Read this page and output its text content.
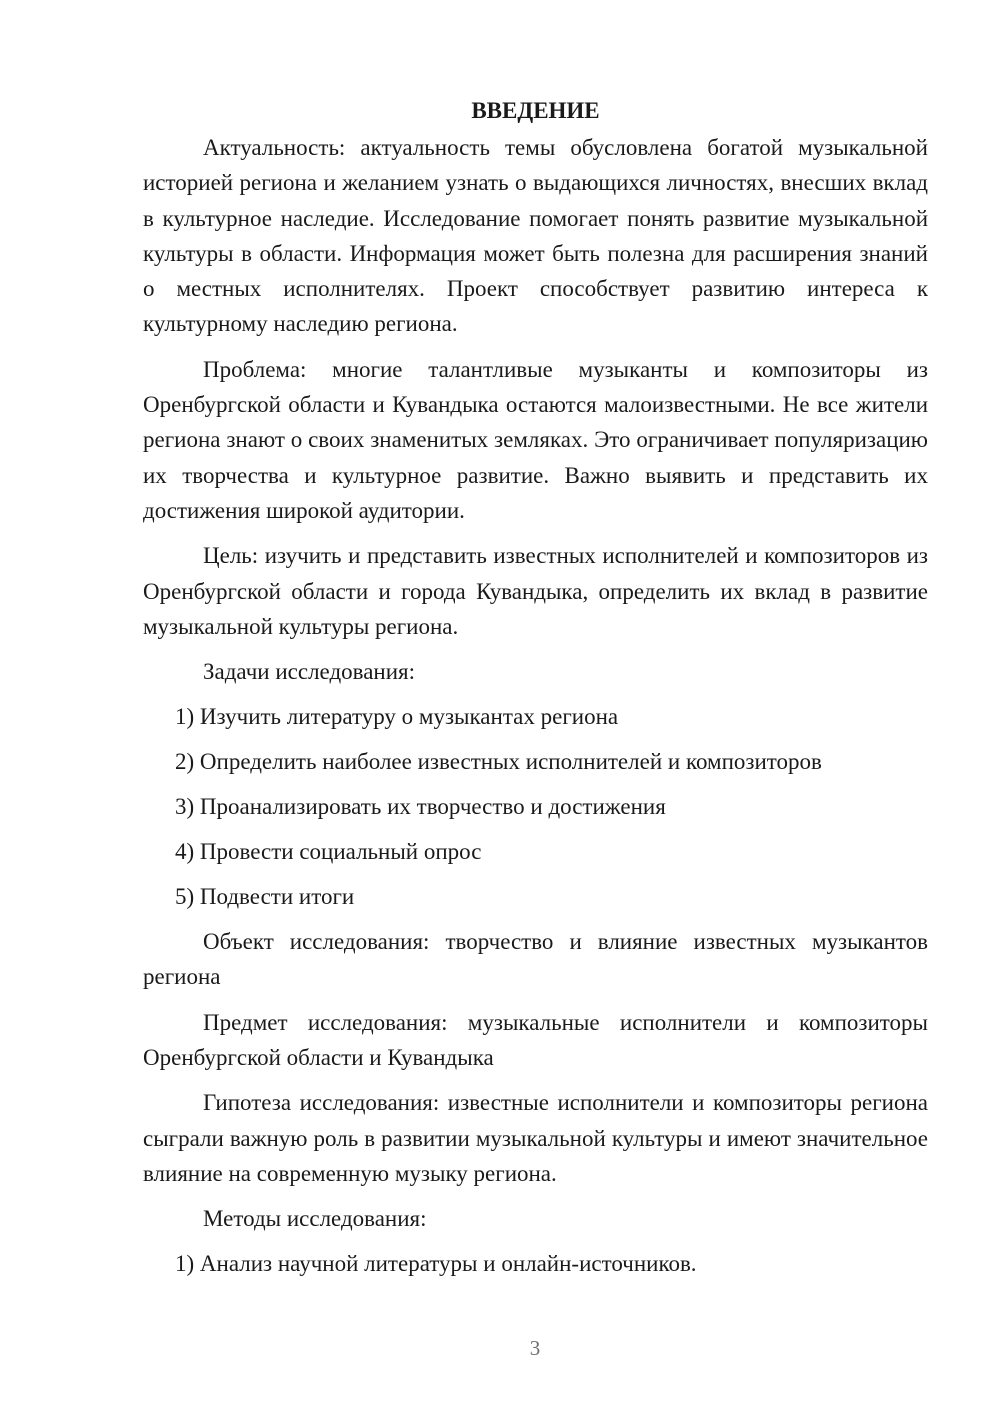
ВВЕДЕНИЕ

Актуальность: актуальность темы обусловлена богатой музыкальной историей региона и желанием узнать о выдающихся личностях, внесших вклад в культурное наследие. Исследование помогает понять развитие музыкальной культуры в области. Информация может быть полезна для расширения знаний о местных исполнителях. Проект способствует развитию интереса к культурному наследию региона.

Проблема: многие талантливые музыканты и композиторы из Оренбургской области и Кувандыка остаются малоизвестными. Не все жители региона знают о своих знаменитых земляках. Это ограничивает популяризацию их творчества и культурное развитие. Важно выявить и представить их достижения широкой аудитории.

Цель: изучить и представить известных исполнителей и композиторов из Оренбургской области и города Кувандыка, определить их вклад в развитие музыкальной культуры региона.

Задачи исследования:
1) Изучить литературу о музыкантах региона
2) Определить наиболее известных исполнителей и композиторов
3) Проанализировать их творчество и достижения
4) Провести социальный опрос
5) Подвести итоги

Объект исследования: творчество и влияние известных музыкантов региона

Предмет исследования: музыкальные исполнители и композиторы Оренбургской области и Кувандыка

Гипотеза исследования: известные исполнители и композиторы региона сыграли важную роль в развитии музыкальной культуры и имеют значительное влияние на современную музыку региона.

Методы исследования:
1) Анализ научной литературы и онлайн-источников.
3
